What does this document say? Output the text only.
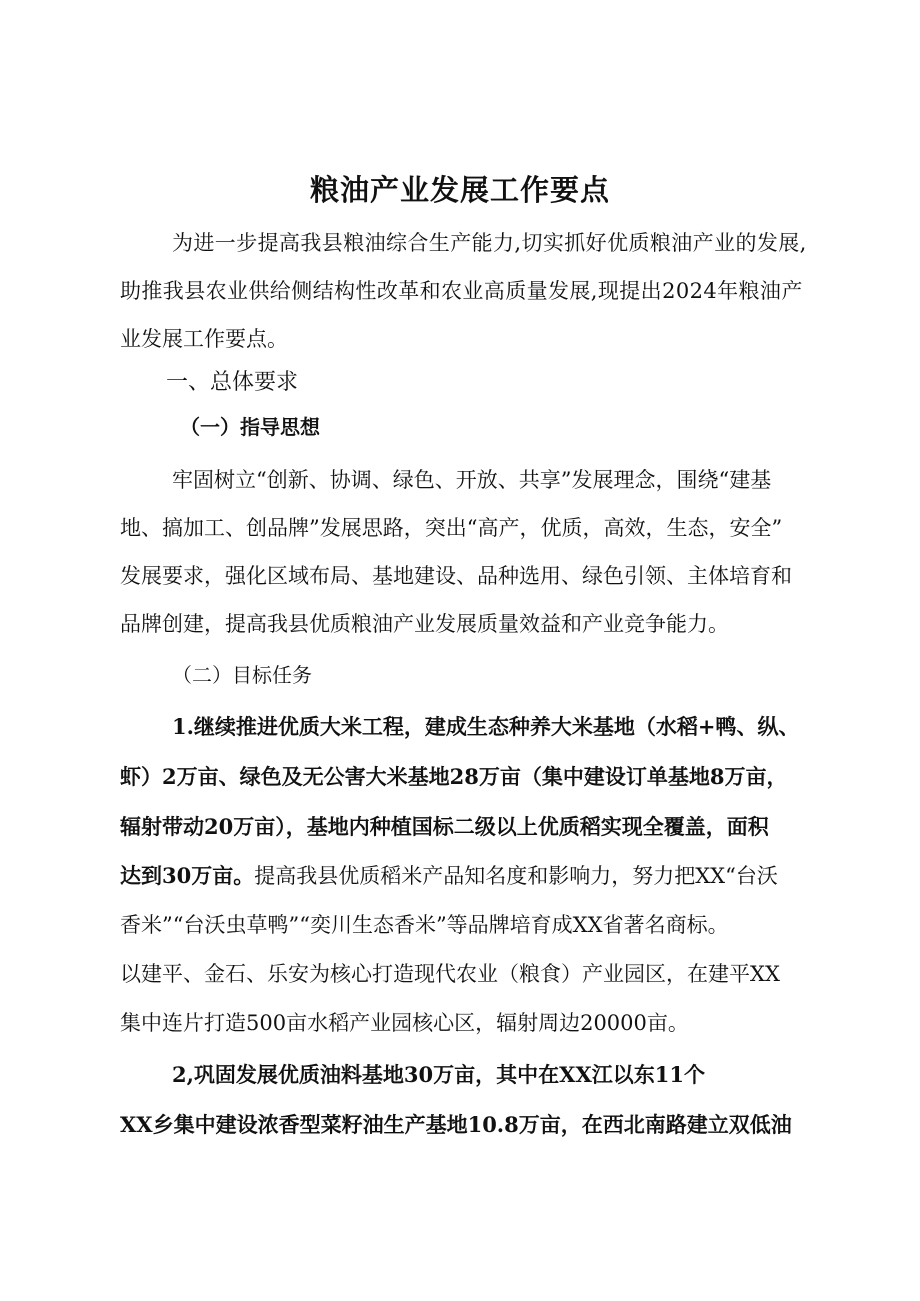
粮油产业发展工作要点
为进一步提高我县粮油综合生产能力,切实抓好优质粮油产业的发展,
助推我县农业供给侧结构性改革和农业高质量发展,现提出2024年粮油产
业发展工作要点。
一、总体要求
（一）指导思想
牢固树立“创新、协调、绿色、开放、共享”发展理念，围绕“建基
地、搞加工、创品牌”发展思路，突出“高产，优质，高效，生态，安全”
发展要求，强化区域布局、基地建设、品种选用、绿色引领、主体培育和
品牌创建，提高我县优质粮油产业发展质量效益和产业竞争能力。
（二）目标任务
1.继续推进优质大米工程，建成生态种养大米基地（水稻+鸭、纵、
虾）2万亩、绿色及无公害大米基地28万亩（集中建设订单基地8万亩，
辐射带动20万亩），基地内种植国标二级以上优质稻实现全覆盖，面积
达到30万亩。提高我县优质稻米产品知名度和影响力，努力把XX“台沃
香米”“台沃虫草鸭”“奕川生态香米”等品牌培育成XX省著名商标。
以建平、金石、乐安为核心打造现代农业（粮食）产业园区，在建平XX
集中连片打造500亩水稻产业园核心区，辐射周边20000亩。
2,巩固发展优质油料基地30万亩，其中在XX江以东11个
XX乡集中建设浓香型菜籽油生产基地10.8万亩，在西北南路建立双低油
